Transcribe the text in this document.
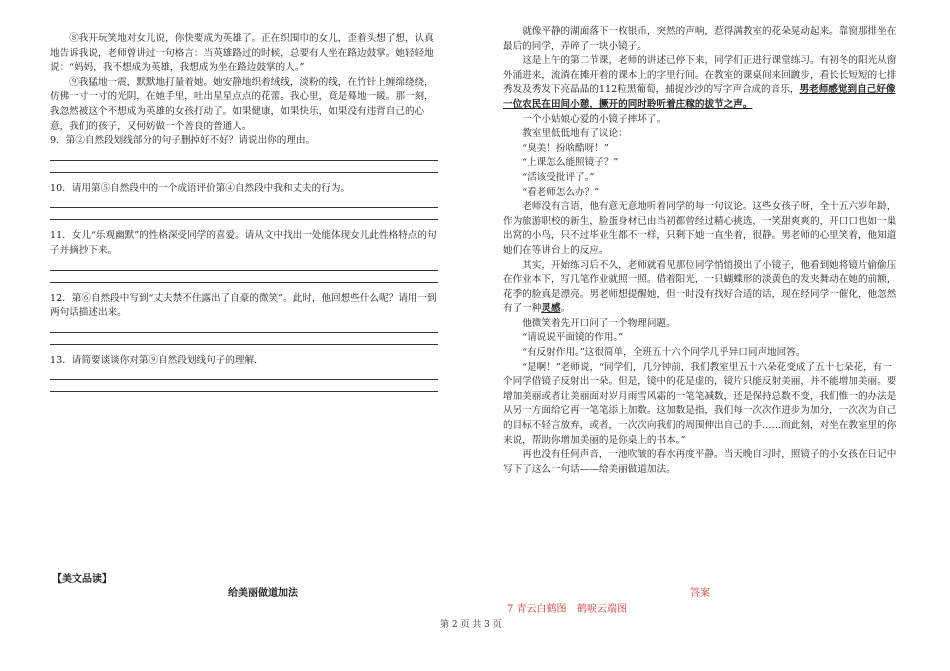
⑧我开玩笑地对女儿说，你快要成为英雄了。正在织围巾的女儿，歪着头想了想，认真地告诉我说，老师曾讲过一句格言：当英雄路过的时候，总要有人坐在路边鼓掌。她轻轻地说：“妈妈，我不想成为英雄，我想成为坐在路边鼓掌的人。”

⑨我猛地一震，默默地打量着她。她安静地织着绒线，淡粉的线，在竹针上缠绵绕绕，仿佛一寸一寸的光阴，在她手里，吐出星星点点的花蕾。我心里，竟是蓦地一暖。那一刻，我忽然被这个不想成为英雄的女孩打动了。如果健康，如果快乐，如果没有违背自己的心意，我们的孩子，又何妨做一个善良的普通人。

9．第②自然段划线部分的句子删掉好不好？请说出你的理由。

10．请用第⑤自然段中的一个成语评价第④自然段中我和丈夫的行为。

11．女儿“乐观幽默”的性格深受同学的喜爱。请从文中找出一处能体现女儿此性格特点的句子并摘抄下来。

12．第⑥自然段中写到“丈夫禁不住露出了自豪的微笑”。此时，他回想些什么呢？请用一到两句话描述出来。

13．请简要谈谈你对第⑨自然段划线句子的理解.

就像平静的湖面落下一枚银币，突然的声响，惹得满教室的花朵晃动起来。靠窗那排坐在最后的同学，弄碎了一块小镜子。

这是上午的第二节课，老师的讲述已停下来，同学们正进行课堂练习。有初冬的阳光从窗外涌进来，流淌在摊开着的课本上的字里行间。在教室的课桌间来回踱步，看长长短短的七排秀发及秀发下亮晶晶的112粒黑葡萄，捕捉沙沙的写字声合成的音乐，男老师感觉到自己好像一位农民在田间小憩，撅开的同时聆听着庄稼的拔节之声。

一个小姑娘心爱的小镜子摔坏了。

教室里低低地有了议论：

“臭美！扮啥酷呀！”

“上课怎么能照镜子？”

“活该受批评了。”

“看老师怎么办？”

老师没有言语，他有意无意地听着同学的每一句议论。这些女孩子呀，全十五六岁年龄，作为旅游职校的新生，脸蛋身材已由当初都曾经过精心挑选，一笑甜爽爽的，开口口也如一巢出窝的小鸟，只不过毕业生都不一样，只剩下她一直坐着，很静。男老师的心里笑着，他知道她们在等讲台上的反应。

其实，开始练习后不久，老师就看见那位同学悄悄摸出了小镜子，他看到她将镜片偷偷压在作业本下，写几笔作业就照一照。借着阳光，一只蝴蝶形的淡黄色的发夹舞动在她的前额，花季的脸真是漂亮。男老师想提醒她，但一时没有找好合适的话，现在经同学一催化，他忽然有了一种灵感。

他微笑着先开口问了一个物理问题。

“请说说平面镜的作用。”

“有反射作用。”这很简单，全班五十六个同学几乎异口同声地回答。

“是啊！”老师说，“同学们，几分钟前，我们教室里五十六朵花变成了五十七朵花，有一个同学借镜子反射出一朵。但是，镜中的花是虚的，镜片只能反射美丽，并不能增加美丽。要增加美丽或者让美丽面对岁月雨雪风霜的一笔笔减数，还是保持总数不变，我们惟一的办法是从另一方面给它再一笔笔添上加数。这加数是指，我们每一次次作进步为加分，一次次为自己的目标不轻言放弃，或者，一次次向我们的周围伸出自己的手……而此刻，对坐在教室里的你来说，帮助你增加美丽的是你桌上的书本。”

再也没有任何声音，一池吹皱的春水再度平静。当天晚自习时，照镜子的小女孩在日记中写下了这么一句话——给美丽做道加法。

【美文品读】
给美丽做道加法	答案
7 青云白鹤图 鹤唳云端图
第 2 页 共 3 页
